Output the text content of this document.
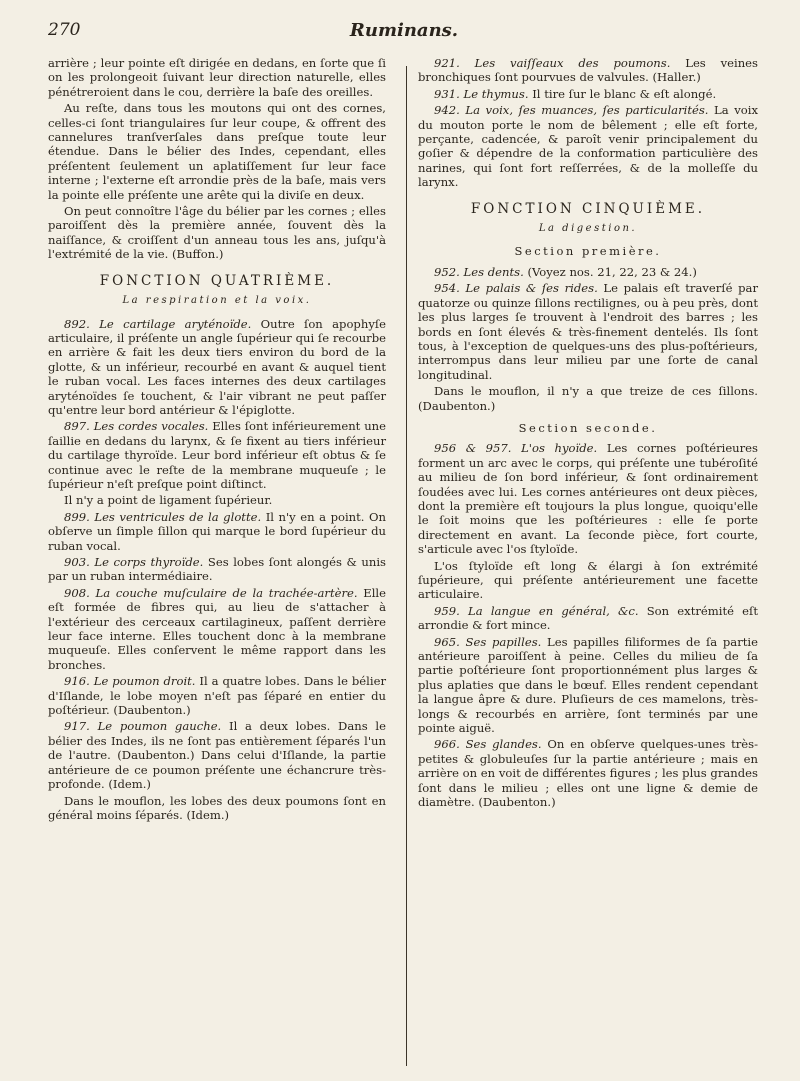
270	Ruminans.

arrière ; leur pointe eſt dirigée en dedans, en ſorte que ſi on les prolongeoit ſuivant leur direction naturelle, elles pénétreroient dans le cou, derrière la baſe des oreilles.

Au reſte, dans tous les moutons qui ont des cornes, celles-ci ſont triangulaires ſur leur coupe, & offrent des cannelures tranſverſales dans preſque toute leur étendue. Dans le bélier des Indes, cependant, elles préſentent ſeulement un aplatiſſement ſur leur face interne ; l'externe eſt arrondie près de la baſe, mais vers la pointe elle préſente une arête qui la diviſe en deux.

On peut connoître l'âge du bélier par les cornes ; elles paroiſſent dès la première année, ſouvent dès la naiſſance, & croiſſent d'un anneau tous les ans, juſqu'à l'extrémité de la vie. (Buffon.)

FONCTION QUATRIÈME.
La respiration et la voix.

892. Le cartilage aryténoïde. Outre ſon apophyſe articulaire, il préſente un angle ſupérieur qui ſe recourbe en arrière & fait les deux tiers environ du bord de la glotte, & un inférieur, recourbé en avant & auquel tient le ruban vocal. Les faces internes des deux cartilages aryténoïdes ſe touchent, & l'air vibrant ne peut paſſer qu'entre leur bord antérieur & l'épiglotte.

897. Les cordes vocales. Elles ſont inférieurement une ſaillie en dedans du larynx, & ſe fixent au tiers inférieur du cartilage thyroïde. Leur bord inférieur eſt obtus & ſe continue avec le reſte de la membrane muqueuſe ; le ſupérieur n'eſt preſque point diſtinct.

Il n'y a point de ligament ſupérieur.

899. Les ventricules de la glotte. Il n'y en a point. On obſerve un ſimple ſillon qui marque le bord ſupérieur du ruban vocal.

903. Le corps thyroïde. Ses lobes ſont alongés & unis par un ruban intermédiaire.

908. La couche muſculaire de la trachée-artère. Elle eſt formée de fibres qui, au lieu de s'attacher à l'extérieur des cerceaux cartilagineux, paſſent derrière leur face interne. Elles touchent donc à la membrane muqueuſe. Elles conſervent le même rapport dans les bronches.

916. Le poumon droit. Il a quatre lobes. Dans le bélier d'Iſlande, le lobe moyen n'eſt pas ſéparé en entier du poſtérieur. (Daubenton.)

917. Le poumon gauche. Il a deux lobes. Dans le bélier des Indes, ils ne ſont pas entièrement ſéparés l'un de l'autre. (Daubenton.) Dans celui d'Iſlande, la partie antérieure de ce poumon préſente une échancrure très-profonde. (Idem.)

Dans le mouflon, les lobes des deux poumons ſont en général moins ſéparés. (Idem.)

921. Les vaiſſeaux des poumons. Les veines bronchiques ſont pourvues de valvules. (Haller.)

931. Le thymus. Il tire ſur le blanc & eſt alongé.

942. La voix, ſes muances, ſes particularités. La voix du mouton porte le nom de bêlement ; elle eſt forte, perçante, cadencée, & paroît venir principalement du goſier & dépendre de la conformation particulière des narines, qui ſont fort reſſerrées, & de la molleſſe du larynx.

FONCTION CINQUIÈME.
La digestion.
Section première.

952. Les dents. (Voyez nos. 21, 22, 23 & 24.)

954. Le palais & ſes rides. Le palais eſt traverſé par quatorze ou quinze ſillons rectilignes, ou à peu près, dont les plus larges ſe trouvent à l'endroit des barres ; les bords en ſont élevés & très-finement dentelés. Ils ſont tous, à l'exception de quelques-uns des plus-poſtérieurs, interrompus dans leur milieu par une ſorte de canal longitudinal.

Dans le mouflon, il n'y a que treize de ces ſillons. (Daubenton.)

Section seconde.

956 & 957. L'os hyoïde. Les cornes poſtérieures forment un arc avec le corps, qui préſente une tubéroſité au milieu de ſon bord inférieur, & ſont ordinairement ſoudées avec lui. Les cornes antérieures ont deux pièces, dont la première eſt toujours la plus longue, quoiqu'elle le ſoit moins que les poſtérieures : elle ſe porte directement en avant. La ſeconde pièce, fort courte, s'articule avec l'os ſtyloïde.

L'os ſtyloïde eſt long & élargi à ſon extrémité ſupérieure, qui préſente antérieurement une facette articulaire.

959. La langue en général, &c. Son extrémité eſt arrondie & fort mince.

965. Ses papilles. Les papilles filiformes de ſa partie antérieure paroiſſent à peine. Celles du milieu de ſa partie poſtérieure ſont proportionnément plus larges & plus aplaties que dans le bœuf. Elles rendent cependant la langue âpre & dure. Pluſieurs de ces mamelons, très-longs & recourbés en arrière, ſont terminés par une pointe aiguë.

966. Ses glandes. On en obſerve quelques-unes très-petites & globuleuſes ſur la partie antérieure ; mais en arrière on en voit de différentes figures ; les plus grandes ſont dans le milieu ; elles ont une ligne & demie de diamètre. (Daubenton.)
